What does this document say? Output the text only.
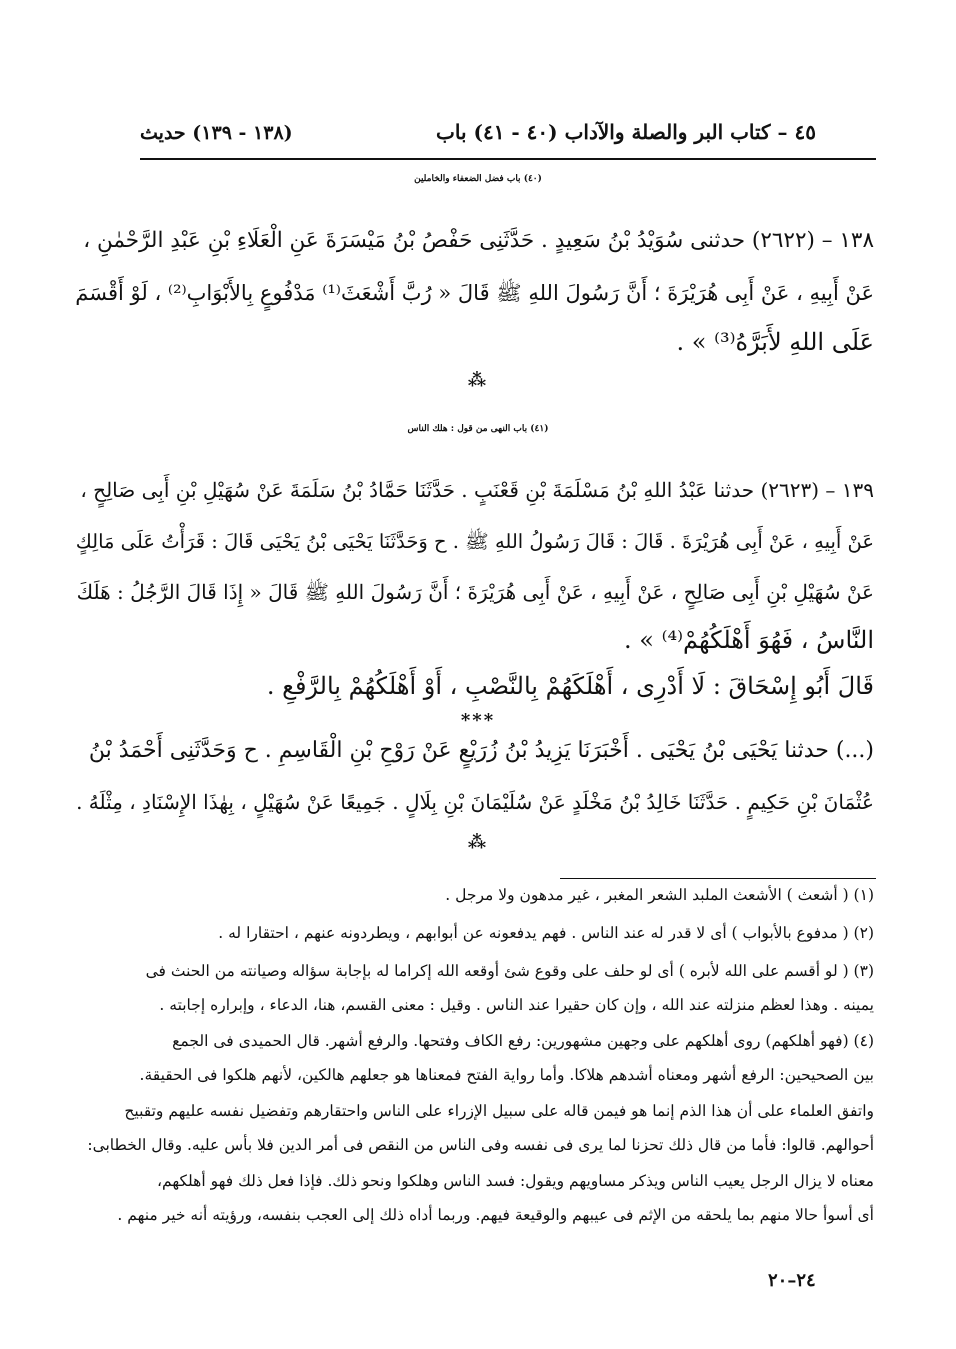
٤٥ – كتاب البر والصلة والآداب (٤٠ - ٤١) باب
(١٣٨ - ١٣٩) حديث
(٤٠) باب فضل الضعفاء والخاملين
١٣٨ – (٢٦٢٢) حدثنى سُوَيْدُ بْنُ سَعِيدٍ . حَدَّثَنِى حَفْصُ بْنُ مَيْسَرَةَ عَنِ الْعَلَاءِ بْنِ عَبْدِ الرَّحْمٰنِ ،
عَنْ أَبِيهِ ، عَنْ أَبِى هُرَيْرَةَ ؛ أَنَّ رَسُولَ اللهِ ﷺ قَالَ « رُبَّ أَشْعَثَ⁽¹⁾ مَدْفُوعٍ بِالأَبْوَابِ⁽²⁾ ، لَوْ أَقْسَمَ
عَلَى اللهِ لأَبَرَّهُ⁽³⁾ » .
⁂
(٤١) باب النهى من قول : هلك الناس
١٣٩ – (٢٦٢٣) حدثنا عَبْدُ اللهِ بْنُ مَسْلَمَةَ بْنِ قَعْنَبٍ . حَدَّثَنَا حَمَّادُ بْنُ سَلَمَةَ عَنْ سُهَيْلِ بْنِ أَبِى صَالِحٍ ،
عَنْ أَبِيهِ ، عَنْ أَبِى هُرَيْرَةَ . قَالَ : قَالَ رَسُولُ اللهِ ﷺ . ح وَحَدَّثَنَا يَحْيَى بْنُ يَحْيَى قَالَ : قَرَأْتُ عَلَى مَالِكٍ
عَنْ سُهَيْلِ بْنِ أَبِى صَالِحٍ ، عَنْ أَبِيهِ ، عَنْ أَبِى هُرَيْرَةَ ؛ أَنَّ رَسُولَ اللهِ ﷺ قَالَ « إِذَا قَالَ الرَّجُلُ : هَلَكَ
النَّاسُ ، فَهُوَ أَهْلَكُهُمْ⁽⁴⁾ » .
قَالَ أَبُو إِسْحَاقَ : لَا أَدْرِى ، أَهْلَكَهُمْ بِالنَّصْبِ ، أَوْ أَهْلَكُهُمْ بِالرَّفْعِ .
***
(...) حدثنا يَحْيَى بْنُ يَحْيَى . أَخْبَرَنَا يَزِيدُ بْنُ زُرَيْعٍ عَنْ رَوْحِ بْنِ الْقَاسِمِ . ح وَحَدَّثَنِى أَحْمَدُ بْنُ
عُثْمَانَ بْنِ حَكِيمٍ . حَدَّثَنَا خَالِدُ بْنُ مَخْلَدٍ عَنْ سُلَيْمَانَ بْنِ بِلَالٍ . جَمِيعًا عَنْ سُهَيْلٍ ، بِهٰذَا الإِسْنَادِ ، مِثْلَهُ .
⁂
(١) ( أشعث ) الأشعث الملبد الشعر المغبر ، غير مدهون ولا مرجل .
(٢) ( مدفوع بالأبواب ) أى لا قدر له عند الناس . فهم يدفعونه عن أبوابهم ، ويطردونه عنهم ، احتقارا له .
(٣) ( لو أقسم على الله لأبره ) أى لو حلف على وقوع شئ أوقعه الله إكراما له بإجابة سؤاله وصيانته من الحنث فى
يمينه . وهذا لعظم منزلته عند الله ، وإن كان حقيرا عند الناس . وقيل : معنى القسم، هنا، الدعاء ، وإبراره إجابته .
(٤) (فهو أهلكهم) روى أهلكهم على وجهين مشهورين: رفع الكاف وفتحها. والرفع أشهر. قال الحميدى فى الجمع
بين الصحيحين: الرفع أشهر ومعناه أشدهم هلاكا. وأما رواية الفتح فمعناها هو جعلهم هالكين، لأنهم هلكوا فى الحقيقة.
واتفق العلماء على أن هذا الذم إنما هو فيمن قاله على سبيل الإزراء على الناس واحتقارهم وتفضيل نفسه عليهم وتقبيح
أحوالهم. قالوا: فأما من قال ذلك تحزنا لما يرى فى نفسه وفى الناس من النقص فى أمر الدين فلا بأس عليه. وقال الخطابى:
معناه لا يزال الرجل يعيب الناس ويذكر مساويهم ويقول: فسد الناس وهلكوا ونحو ذلك. فإذا فعل ذلك فهو أهلكهم،
أى أسوأ حالا منهم بما يلحقه من الإثم فى عيبهم والوقيعة فيهم. وربما أداه ذلك إلى العجب بنفسه، ورؤيته أنه خير منهم .
٢٤–٢٠
